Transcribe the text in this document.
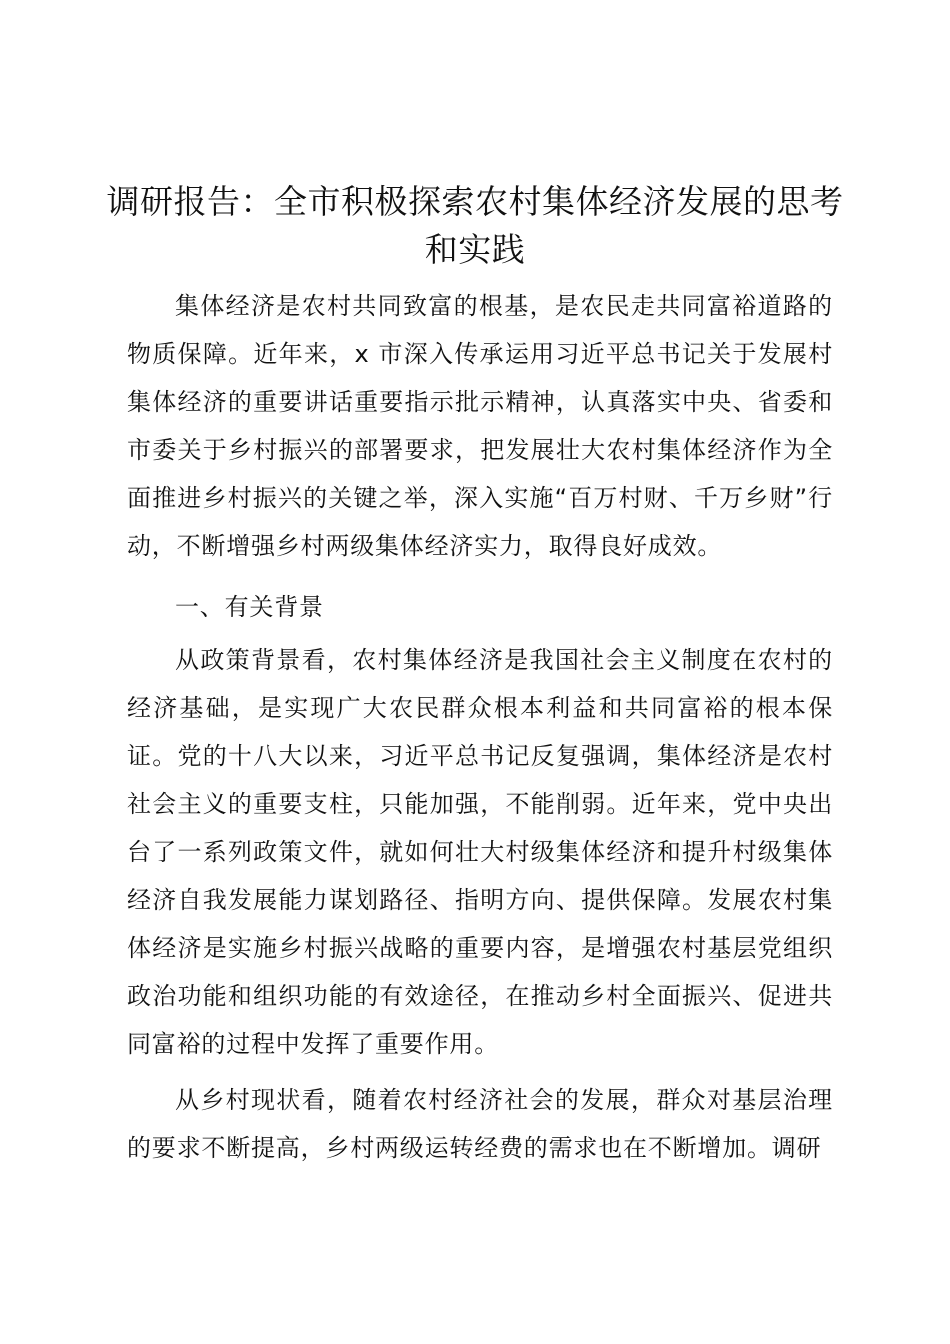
调研报告：全市积极探索农村集体经济发展的思考和实践

集体经济是农村共同致富的根基，是农民走共同富裕道路的物质保障。近年来，x 市深入传承运用习近平总书记关于发展村集体经济的重要讲话重要指示批示精神，认真落实中央、省委和市委关于乡村振兴的部署要求，把发展壮大农村集体经济作为全面推进乡村振兴的关键之举，深入实施“百万村财、千万乡财”行动，不断增强乡村两级集体经济实力，取得良好成效。

一、有关背景

从政策背景看，农村集体经济是我国社会主义制度在农村的经济基础，是实现广大农民群众根本利益和共同富裕的根本保证。党的十八大以来，习近平总书记反复强调，集体经济是农村社会主义的重要支柱，只能加强，不能削弱。近年来，党中央出台了一系列政策文件，就如何壮大村级集体经济和提升村级集体经济自我发展能力谋划路径、指明方向、提供保障。发展农村集体经济是实施乡村振兴战略的重要内容，是增强农村基层党组织政治功能和组织功能的有效途径，在推动乡村全面振兴、促进共同富裕的过程中发挥了重要作用。

从乡村现状看，随着农村经济社会的发展，群众对基层治理的要求不断提高，乡村两级运转经费的需求也在不断增加。调研
